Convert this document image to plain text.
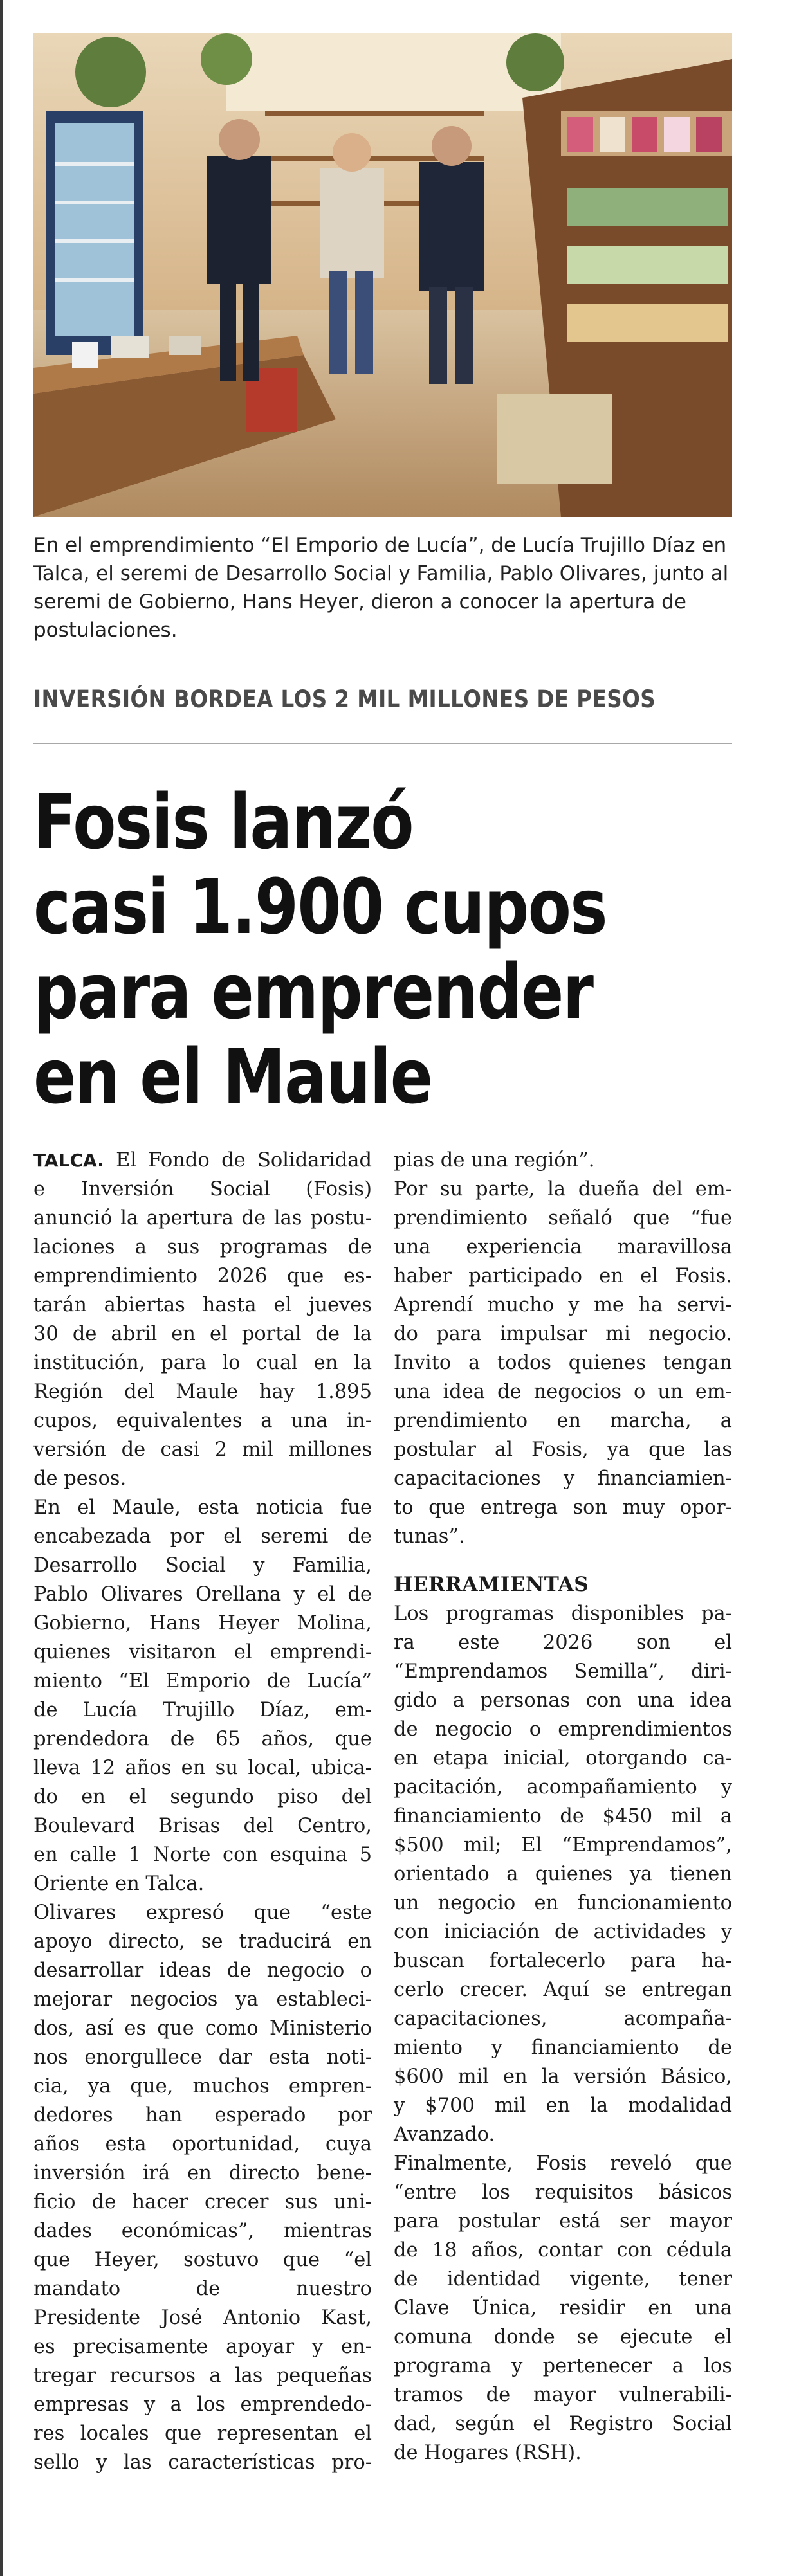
En el emprendimiento “El Emporio de Lucía”, de Lucía Trujillo Díaz en Talca, el seremi de Desarrollo Social y Familia, Pablo Olivares, junto al seremi de Gobierno, Hans Heyer, dieron a conocer la apertura de postulaciones.

INVERSIÓN BORDEA LOS 2 MIL MILLONES DE PESOS
Fosis lanzó
casi 1.900 cupos
para emprender
en el Maule
TALCA. El Fondo de Solidaridad
e Inversión Social (Fosis)
anunció la apertura de las postu-
laciones a sus programas de
emprendimiento 2026 que es-
tarán abiertas hasta el jueves
30 de abril en el portal de la
institución, para lo cual en la
Región del Maule hay 1.895
cupos, equivalentes a una in-
versión de casi 2 mil millones
de pesos.
En el Maule, esta noticia fue
encabezada por el seremi de
Desarrollo Social y Familia,
Pablo Olivares Orellana y el de
Gobierno, Hans Heyer Molina,
quienes visitaron el emprendi-
miento “El Emporio de Lucía”
de Lucía Trujillo Díaz, em-
prendedora de 65 años, que
lleva 12 años en su local, ubica-
do en el segundo piso del
Boulevard Brisas del Centro,
en calle 1 Norte con esquina 5
Oriente en Talca.
Olivares expresó que “este
apoyo directo, se traducirá en
desarrollar ideas de negocio o
mejorar negocios ya estableci-
dos, así es que como Ministerio
nos enorgullece dar esta noti-
cia, ya que, muchos empren-
dedores han esperado por
años esta oportunidad, cuya
inversión irá en directo bene-
ficio de hacer crecer sus uni-
dades económicas”, mientras
que Heyer, sostuvo que “el
mandato de nuestro
Presidente José Antonio Kast,
es precisamente apoyar y en-
tregar recursos a las pequeñas
empresas y a los emprendedo-
res locales que representan el
sello y las características pro-
pias de una región”.
Por su parte, la dueña del em-
prendimiento señaló que “fue
una experiencia maravillosa
haber participado en el Fosis.
Aprendí mucho y me ha servi-
do para impulsar mi negocio.
Invito a todos quienes tengan
una idea de negocios o un em-
prendimiento en marcha, a
postular al Fosis, ya que las
capacitaciones y financiamien-
to que entrega son muy opor-
tunas”.
HERRAMIENTAS
Los programas disponibles pa-
ra este 2026 son el
“Emprendamos Semilla”, diri-
gido a personas con una idea
de negocio o emprendimientos
en etapa inicial, otorgando ca-
pacitación, acompañamiento y
financiamiento de $450 mil a
$500 mil; El “Emprendamos”,
orientado a quienes ya tienen
un negocio en funcionamiento
con iniciación de actividades y
buscan fortalecerlo para ha-
cerlo crecer. Aquí se entregan
capacitaciones, acompaña-
miento y financiamiento de
$600 mil en la versión Básico,
y $700 mil en la modalidad
Avanzado.
Finalmente, Fosis reveló que
“entre los requisitos básicos
para postular está ser mayor
de 18 años, contar con cédula
de identidad vigente, tener
Clave Única, residir en una
comuna donde se ejecute el
programa y pertenecer a los
tramos de mayor vulnerabili-
dad, según el Registro Social
de Hogares (RSH).
